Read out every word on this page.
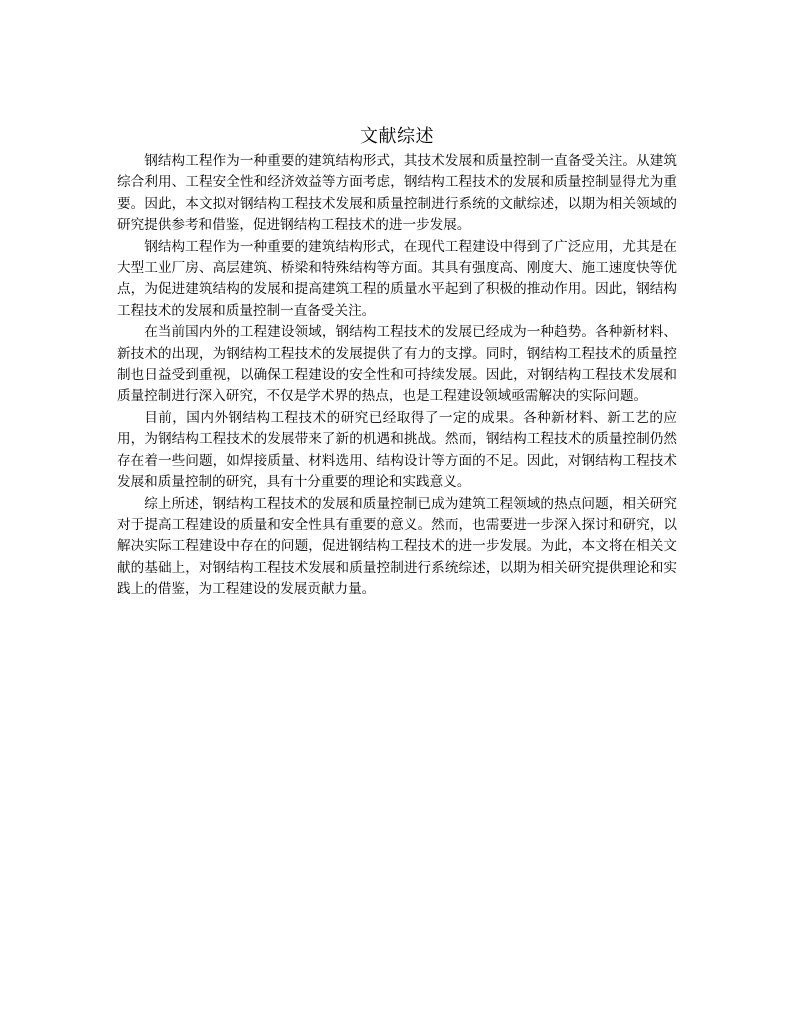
文献综述

钢结构工程作为一种重要的建筑结构形式，其技术发展和质量控制一直备受关注。从建筑综合利用、工程安全性和经济效益等方面考虑，钢结构工程技术的发展和质量控制显得尤为重要。因此，本文拟对钢结构工程技术发展和质量控制进行系统的文献综述，以期为相关领域的研究提供参考和借鉴，促进钢结构工程技术的进一步发展。

钢结构工程作为一种重要的建筑结构形式，在现代工程建设中得到了广泛应用，尤其是在大型工业厂房、高层建筑、桥梁和特殊结构等方面。其具有强度高、刚度大、施工速度快等优点，为促进建筑结构的发展和提高建筑工程的质量水平起到了积极的推动作用。因此，钢结构工程技术的发展和质量控制一直备受关注。

在当前国内外的工程建设领域，钢结构工程技术的发展已经成为一种趋势。各种新材料、新技术的出现，为钢结构工程技术的发展提供了有力的支撑。同时，钢结构工程技术的质量控制也日益受到重视，以确保工程建设的安全性和可持续发展。因此，对钢结构工程技术发展和质量控制进行深入研究，不仅是学术界的热点，也是工程建设领域亟需解决的实际问题。

目前，国内外钢结构工程技术的研究已经取得了一定的成果。各种新材料、新工艺的应用，为钢结构工程技术的发展带来了新的机遇和挑战。然而，钢结构工程技术的质量控制仍然存在着一些问题，如焊接质量、材料选用、结构设计等方面的不足。因此，对钢结构工程技术发展和质量控制的研究，具有十分重要的理论和实践意义。

综上所述，钢结构工程技术的发展和质量控制已成为建筑工程领域的热点问题，相关研究对于提高工程建设的质量和安全性具有重要的意义。然而，也需要进一步深入探讨和研究，以解决实际工程建设中存在的问题，促进钢结构工程技术的进一步发展。为此，本文将在相关文献的基础上，对钢结构工程技术发展和质量控制进行系统综述，以期为相关研究提供理论和实践上的借鉴，为工程建设的发展贡献力量。
